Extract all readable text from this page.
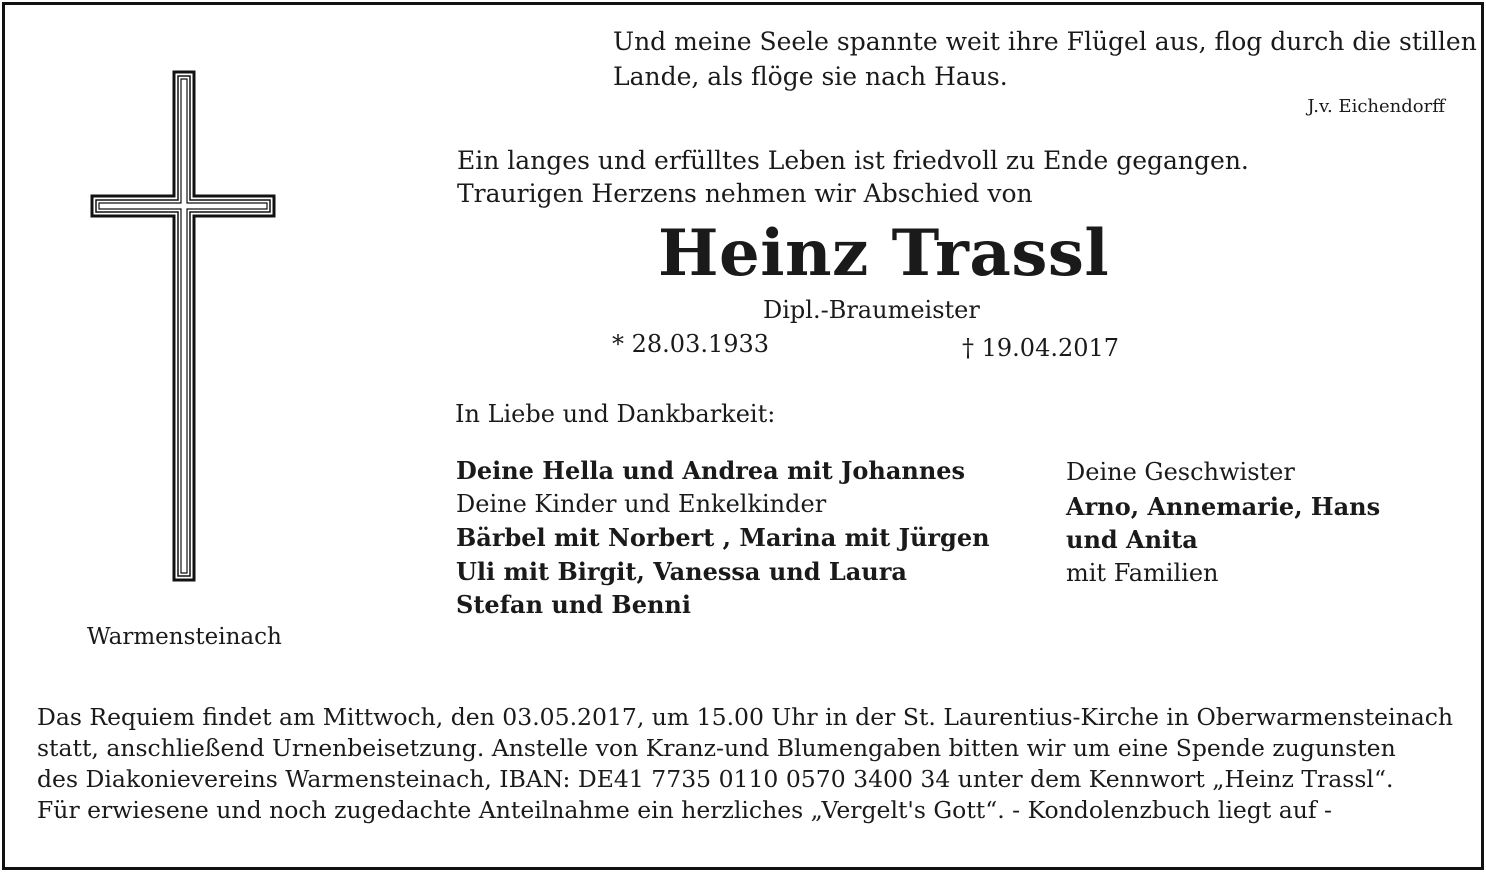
Und meine Seele spannte weit ihre Flügel aus, flog durch die stillen
Lande, als flöge sie nach Haus.
J.v. Eichendorff
Ein langes und erfülltes Leben ist friedvoll zu Ende gegangen.
Traurigen Herzens nehmen wir Abschied von
Heinz Trassl
Dipl.-Braumeister
* 28.03.1933	† 19.04.2017
In Liebe und Dankbarkeit:
Deine Hella und Andrea mit Johannes
Deine Kinder und Enkelkinder
Bärbel mit Norbert , Marina mit Jürgen
Uli mit Birgit, Vanessa und Laura
Stefan und Benni
Deine Geschwister
Arno, Annemarie, Hans
und Anita
mit Familien
Warmensteinach
Das Requiem findet am Mittwoch, den 03.05.2017, um 15.00 Uhr in der St. Laurentius-Kirche in Oberwarmensteinach
statt, anschließend Urnenbeisetzung. Anstelle von Kranz-und Blumengaben bitten wir um eine Spende zugunsten
des Diakonievereins Warmensteinach, IBAN: DE41 7735 0110 0570 3400 34 unter dem Kennwort „Heinz Trassl“.
Für erwiesene und noch zugedachte Anteilnahme ein herzliches „Vergelt's Gott“. - Kondolenzbuch liegt auf -
